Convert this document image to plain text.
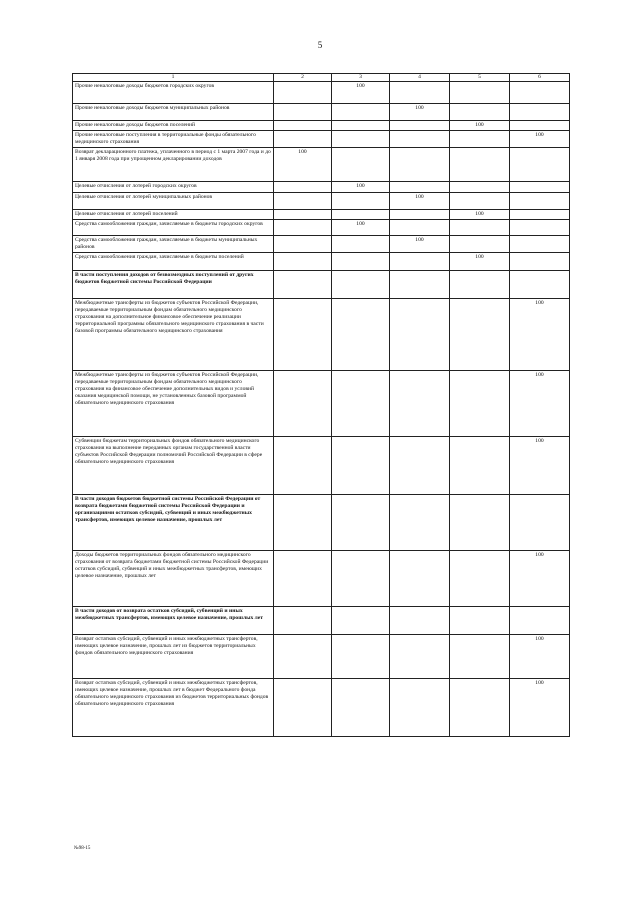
5
1	2	3	4	5	6
Прочие неналоговые доходы бюджетов городских округов		100			
Прочие неналоговые доходы бюджетов муниципальных районов			100		
Прочие неналоговые доходы бюджетов поселений				100	
Прочие неналоговые поступления в территориальные фонды обязательного медицинского страхования					100
Возврат декларационного платежа, уплаченного в период с 1 марта 2007 года и до 1 января 2008 года при упрощенном декларировании доходов	100				
Целевые отчисления от лотерей городских округов		100			
Целевые отчисления от лотерей муниципальных районов			100		
Целевые отчисления от лотерей поселений				100	
Средства самообложения граждан, зачисляемые в бюджеты городских округов		100			
Средства самообложения граждан, зачисляемые в бюджеты муниципальных районов			100		
Средства самообложения граждан, зачисляемые в бюджеты поселений				100	
В части поступления доходов от безвозмездных поступлений от других бюджетов бюджетной системы Российской Федерации					
Межбюджетные трансферты из бюджетов субъектов Российской Федерации, передаваемые территориальным фондам обязательного медицинского страхования на дополнительное финансовое обеспечение реализации территориальной программы обязательного медицинского страхования в части базовой программы обязательного медицинского страхования					100
Межбюджетные трансферты из бюджетов субъектов Российской Федерации, передаваемые территориальным фондам обязательного медицинского страхования на финансовое обеспечение дополнительных видов и условий оказания медицинской помощи, не установленных базовой программой обязательного медицинского страхования					100
Субвенции бюджетам территориальных фондов обязательного медицинского страхования на выполнение переданных органам государственной власти субъектов Российской Федерации полномочий Российской Федерации в сфере обязательного медицинского страхования					100
В части доходов бюджетов бюджетной системы Российской Федерации от возврата бюджетами бюджетной системы Российской Федерации и организациями остатков субсидий, субвенций и иных межбюджетных трансфертов, имеющих целевое назначение, прошлых лет					
Доходы бюджетов территориальных фондов обязательного медицинского страхования от возврата бюджетами бюджетной системы Российской Федерации остатков субсидий, субвенций и иных межбюджетных трансфертов, имеющих целевое назначение, прошлых лет					100
В части доходов от возврата остатков субсидий, субвенций и иных межбюджетных трансфертов, имеющих целевое назначение, прошлых лет					
Возврат остатков субсидий, субвенций и иных межбюджетных трансфертов, имеющих целевое назначение, прошлых лет из бюджетов территориальных фондов обязательного медицинского страхования					100
Возврат остатков субсидий, субвенций и иных межбюджетных трансфертов, имеющих целевое назначение, прошлых лет в бюджет Федерального фонда обязательного медицинского страхования из бюджетов территориальных фондов обязательного медицинского страхования					100
№98-15
